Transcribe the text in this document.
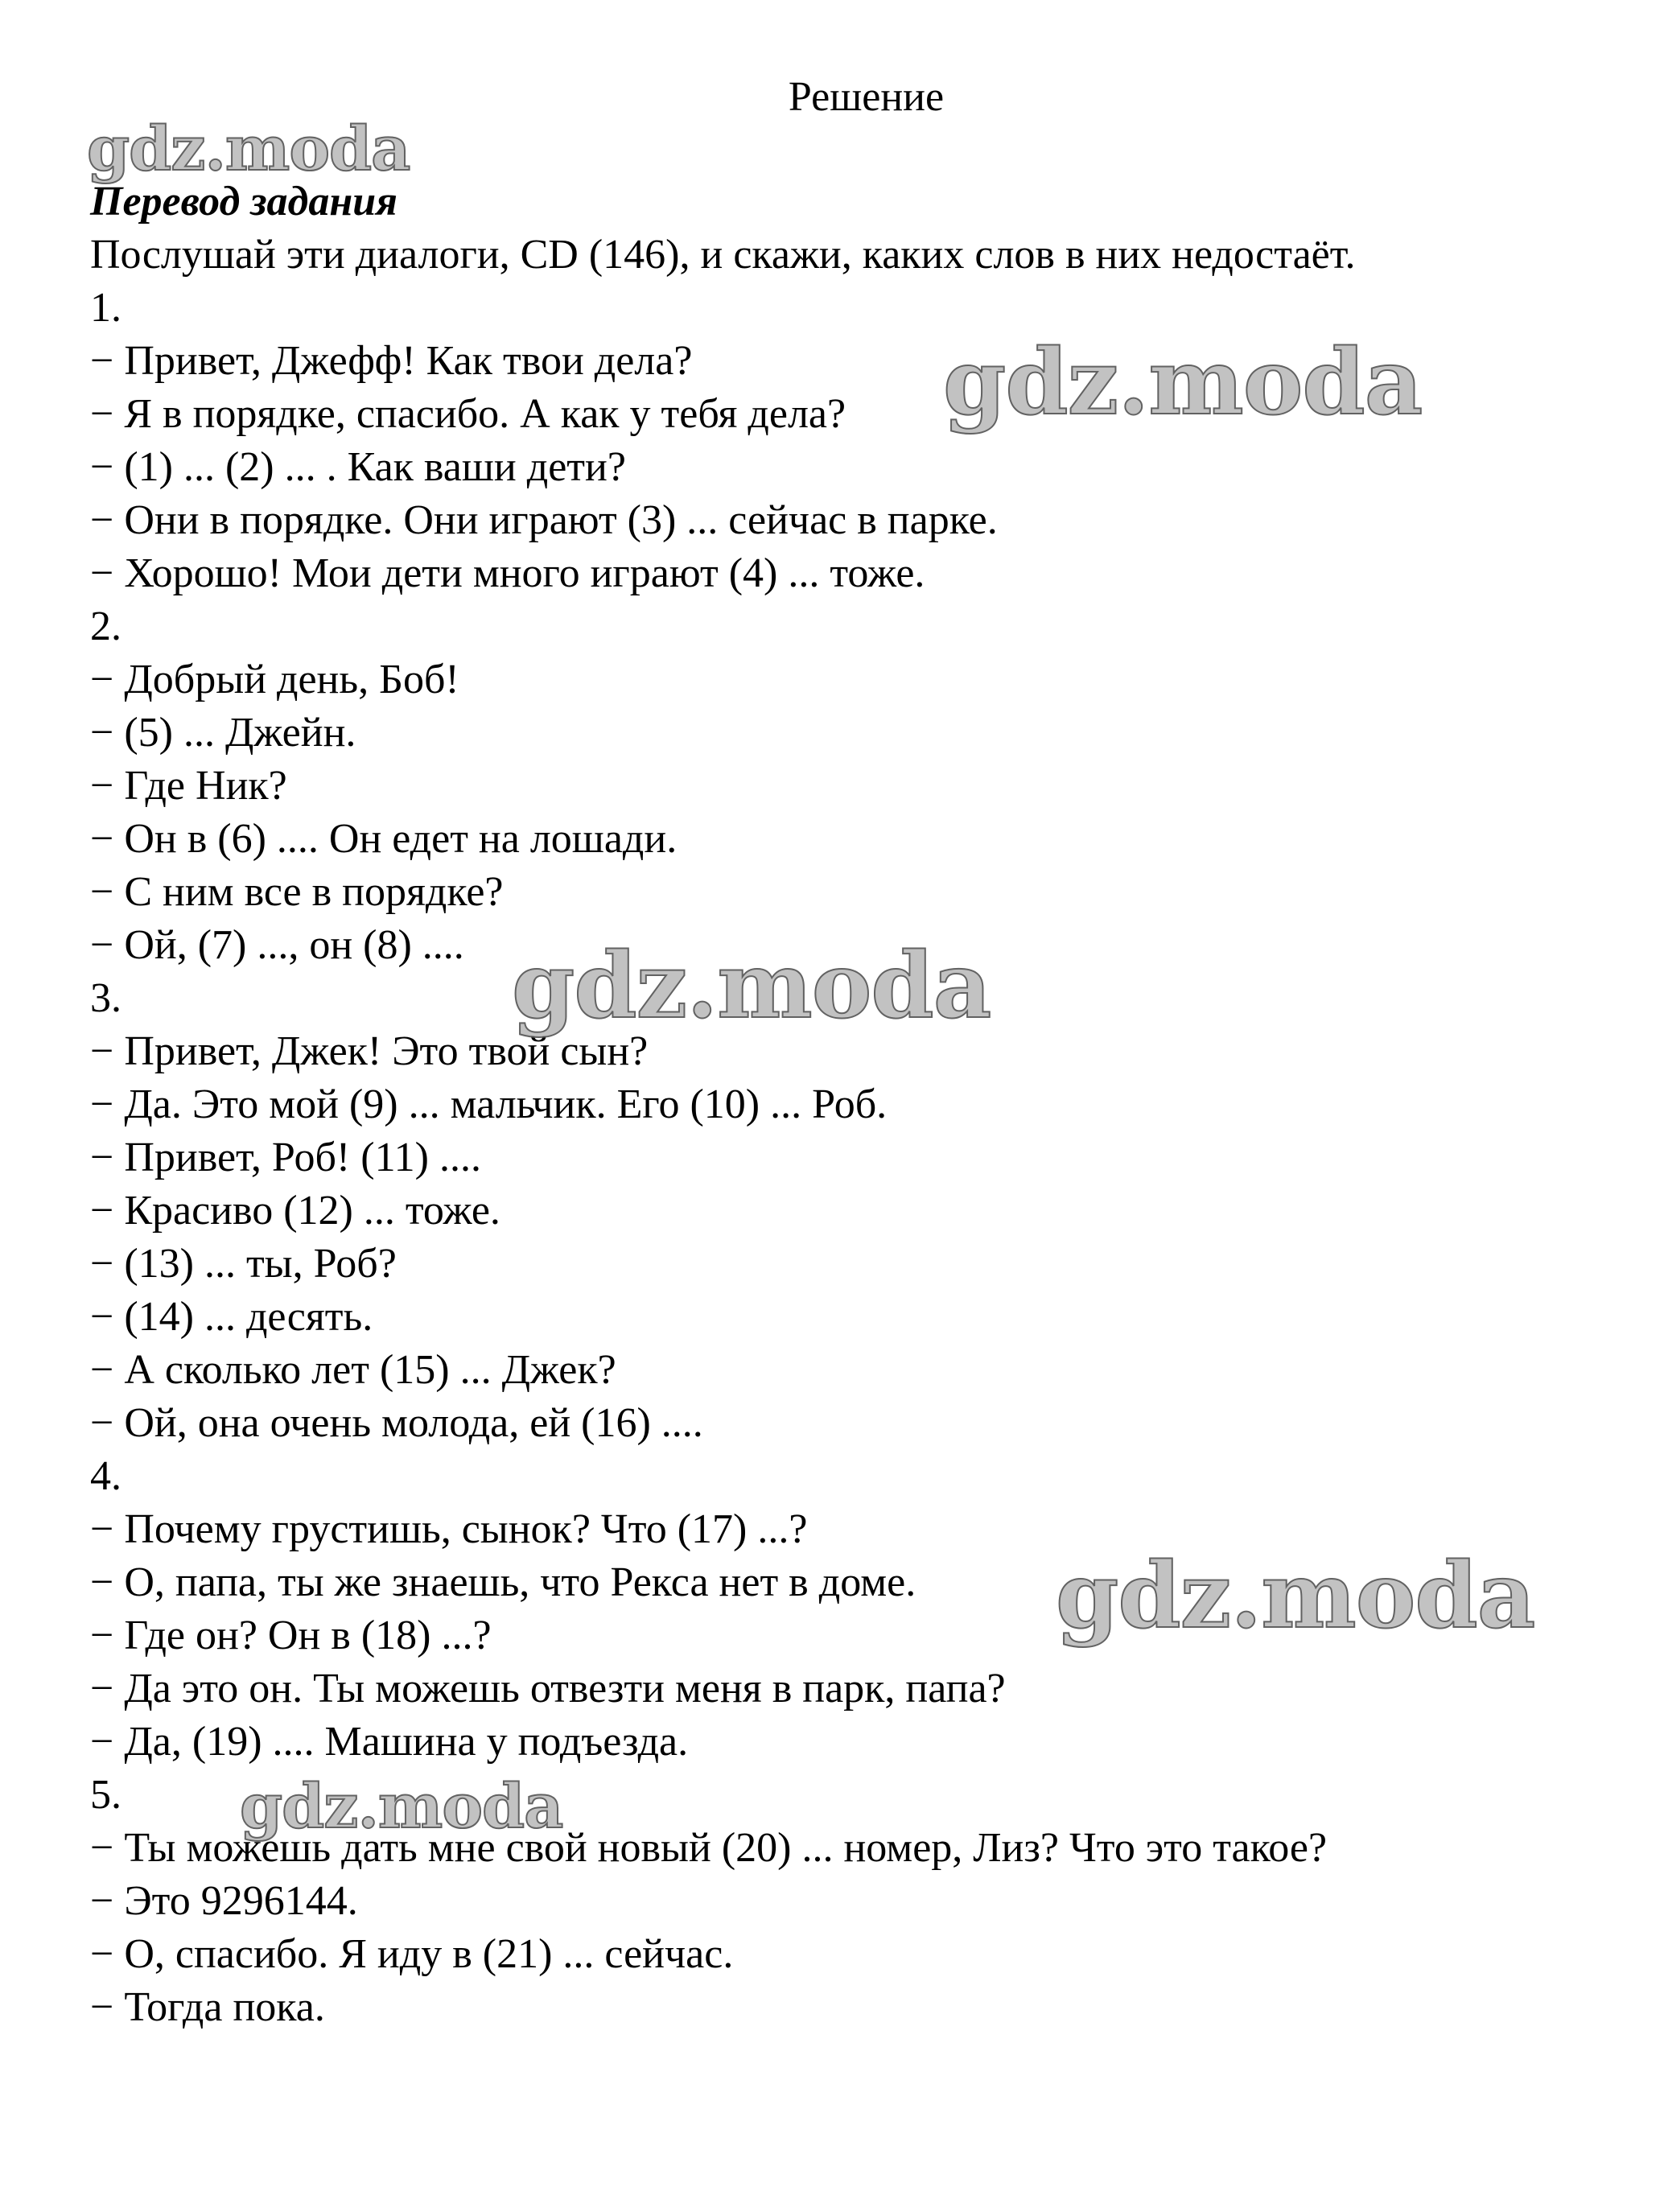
Решение
Перевод задания
Послушай эти диалоги, CD (146), и скажи, каких слов в них недостаёт.
1.
− Привет, Джефф! Как твои дела?
− Я в порядке, спасибо. А как у тебя дела?
− (1) ... (2) ... . Как ваши дети?
− Они в порядке. Они играют (3) ... сейчас в парке.
− Хорошо! Мои дети много играют (4) ... тоже.
2.
− Добрый день, Боб!
− (5) ... Джейн.
− Где Ник?
− Он в (6) .... Он едет на лошади.
− С ним все в порядке?
− Ой, (7) ..., он (8) ....
3.
− Привет, Джек! Это твой сын?
− Да. Это мой (9) ... мальчик. Его (10) ... Роб.
− Привет, Роб! (11) ....
− Красиво (12) ... тоже.
− (13) ... ты, Роб?
− (14) ... десять.
− А сколько лет (15) ... Джек?
− Ой, она очень молода, ей (16) ....
4.
− Почему грустишь, сынок? Что (17) ...?
− О, папа, ты же знаешь, что Рекса нет в доме.
− Где он? Он в (18) ...?
− Да это он. Ты можешь отвезти меня в парк, папа?
− Да, (19) .... Машина у подъезда.
5.
− Ты можешь дать мне свой новый (20) ... номер, Лиз? Что это такое?
− Это 9296144.
− О, спасибо. Я иду в (21) ... сейчас.
− Тогда пока.
gdz.moda
gdz.moda
gdz.moda
gdz.moda
gdz.moda
